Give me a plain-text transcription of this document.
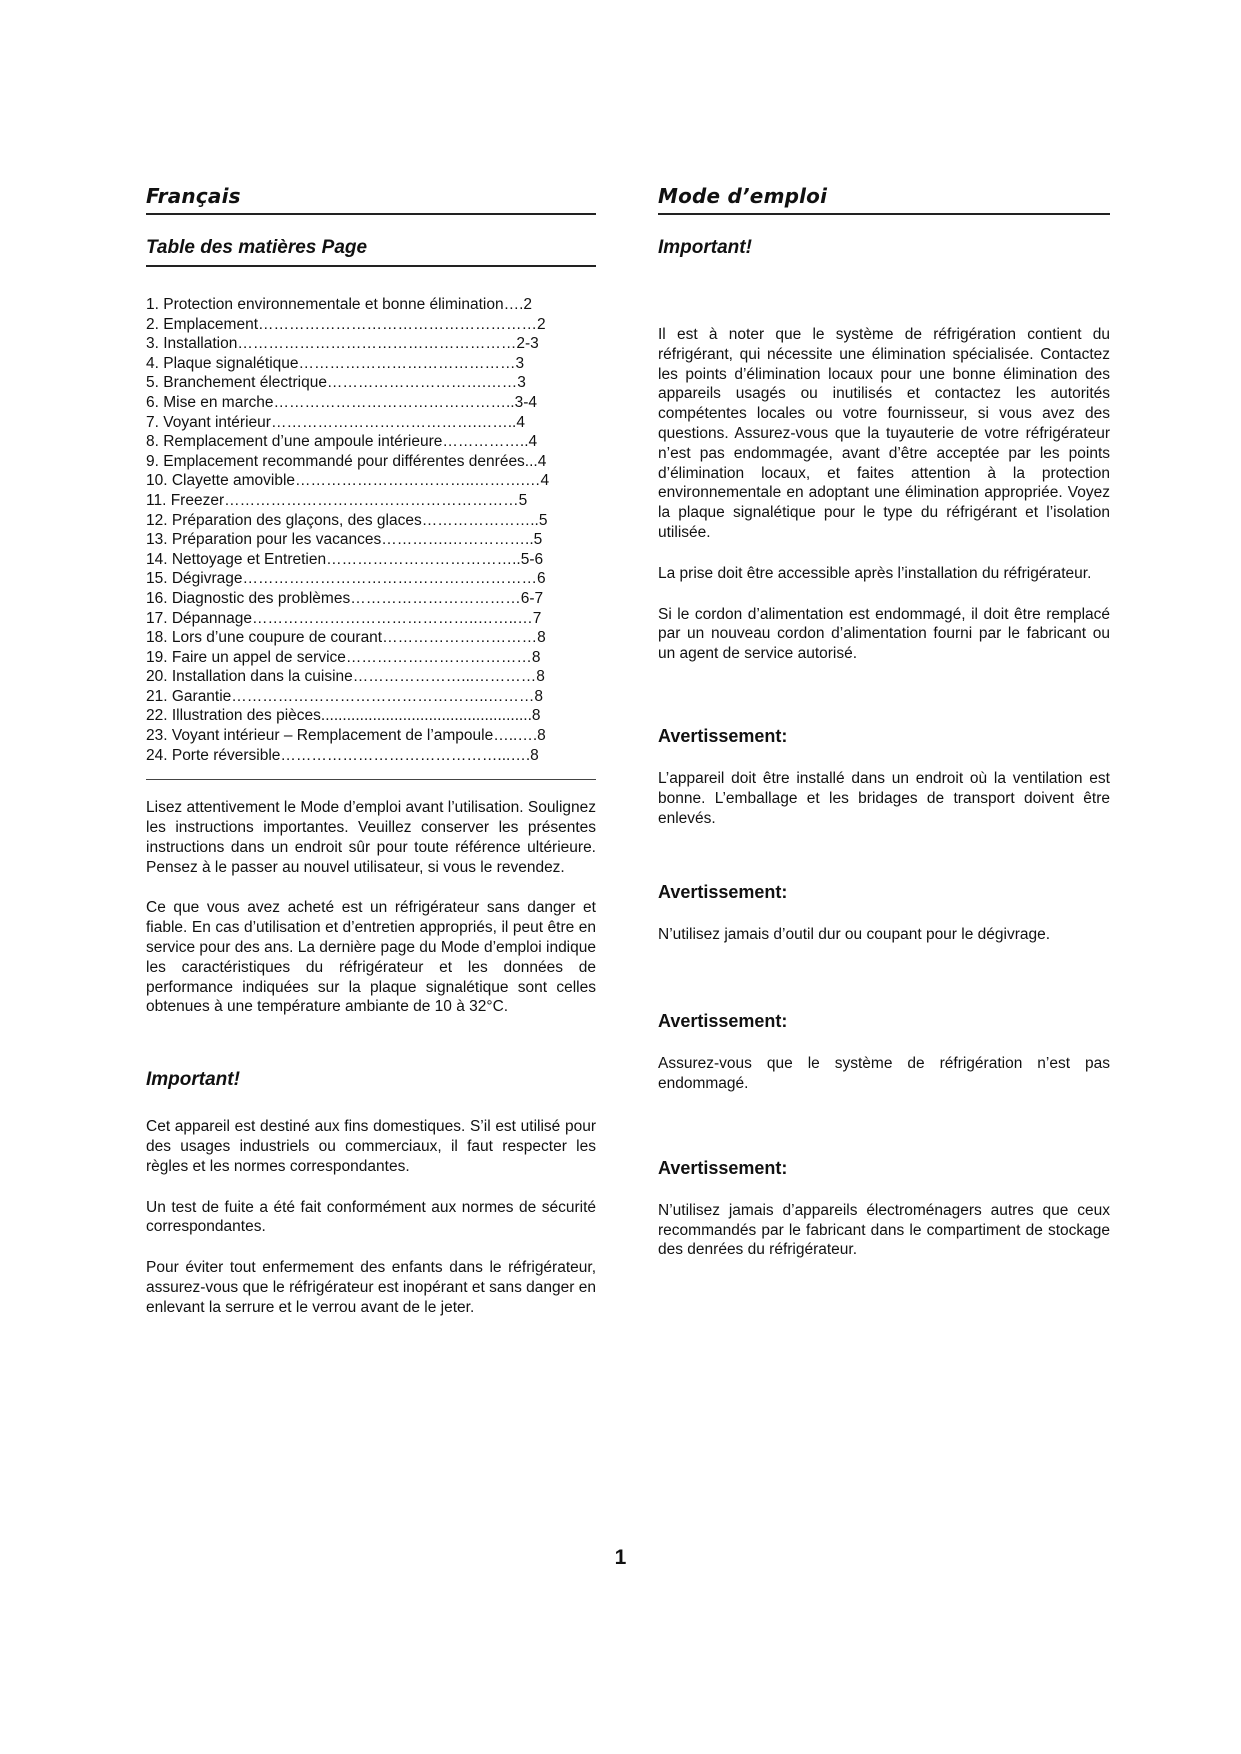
Français
Table des matières Page
1. Protection environnementale et bonne élimination….2
2. Emplacement………………………………………………2
3. Installation………………………………………………2-3
4. Plaque signalétique……………………………………3
5. Branchement électrique………………………….……3
6. Mise en marche………………………………………..3-4
7. Voyant intérieur………………………………….……..4
8. Remplacement d’une ampoule intérieure……………..4
9. Emplacement recommandé pour différentes denrées...4
10. Clayette amovible……………………………..……….…4
11. Freezer…………………………………………………5
12. Préparation des glaçons, des glaces…………………..5
13. Préparation pour les vacances………….……………..5
14. Nettoyage et Entretien………………………………..5-6
15. Dégivrage…………………………………………………6
16. Diagnostic des problèmes……………………………6-7
17. Dépannage……………………………………..……..…7
18. Lors d’une coupure de courant…………………………8
19. Faire un appel de service………………………………8
20. Installation dans la cuisine…………………...…………8
21. Garantie…………………………………………..………8
22. Illustration des pièces.................................................8
23. Voyant intérieur – Remplacement de l’ampoule…..….8
24. Porte réversible……………………………………...….8

Lisez attentivement le Mode d’emploi avant l’utilisation. Soulignez les instructions importantes. Veuillez conserver les présentes instructions dans un endroit sûr pour toute référence ultérieure. Pensez à le passer au nouvel utilisateur, si vous le revendez.

Ce que vous avez acheté est un réfrigérateur sans danger et fiable. En cas d’utilisation et d’entretien appropriés, il peut être en service pour des ans. La dernière page du Mode d’emploi indique les caractéristiques du réfrigérateur et les données de performance indiquées sur la plaque signalétique sont celles obtenues à une température ambiante de 10 à 32°C.

Important!

Cet appareil est destiné aux fins domestiques. S’il est utilisé pour des usages industriels ou commerciaux, il faut respecter les règles et les normes correspondantes.

Un test de fuite a été fait conformément aux normes de sécurité correspondantes.

Pour éviter tout enfermement des enfants dans le réfrigérateur, assurez-vous que le réfrigérateur est inopérant et sans danger en enlevant la serrure et le verrou avant de le jeter.

Mode d’emploi
Important!

Il est à noter que le système de réfrigération contient du réfrigérant, qui nécessite une élimination spécialisée. Contactez les points d’élimination locaux pour une bonne élimination des appareils usagés ou inutilisés et contactez les autorités compétentes locales ou votre fournisseur, si vous avez des questions. Assurez-vous que la tuyauterie de votre réfrigérateur n’est pas endommagée, avant d’être acceptée par les points d’élimination locaux, et faites attention à la protection environnementale en adoptant une élimination appropriée. Voyez la plaque signalétique pour le type du réfrigérant et l’isolation utilisée.

La prise doit être accessible après l’installation du réfrigérateur.

Si le cordon d’alimentation est endommagé, il doit être remplacé par un nouveau cordon d’alimentation fourni par le fabricant ou un agent de service autorisé.

Avertissement:

L’appareil doit être installé dans un endroit où la ventilation est bonne. L’emballage et les bridages de transport doivent être enlevés.

Avertissement:

N’utilisez jamais d’outil dur ou coupant pour le dégivrage.

Avertissement:

Assurez-vous que le système de réfrigération n’est pas endommagé.

Avertissement:

N’utilisez jamais d’appareils électroménagers autres que ceux recommandés par le fabricant dans le compartiment de stockage des denrées du réfrigérateur.

1
